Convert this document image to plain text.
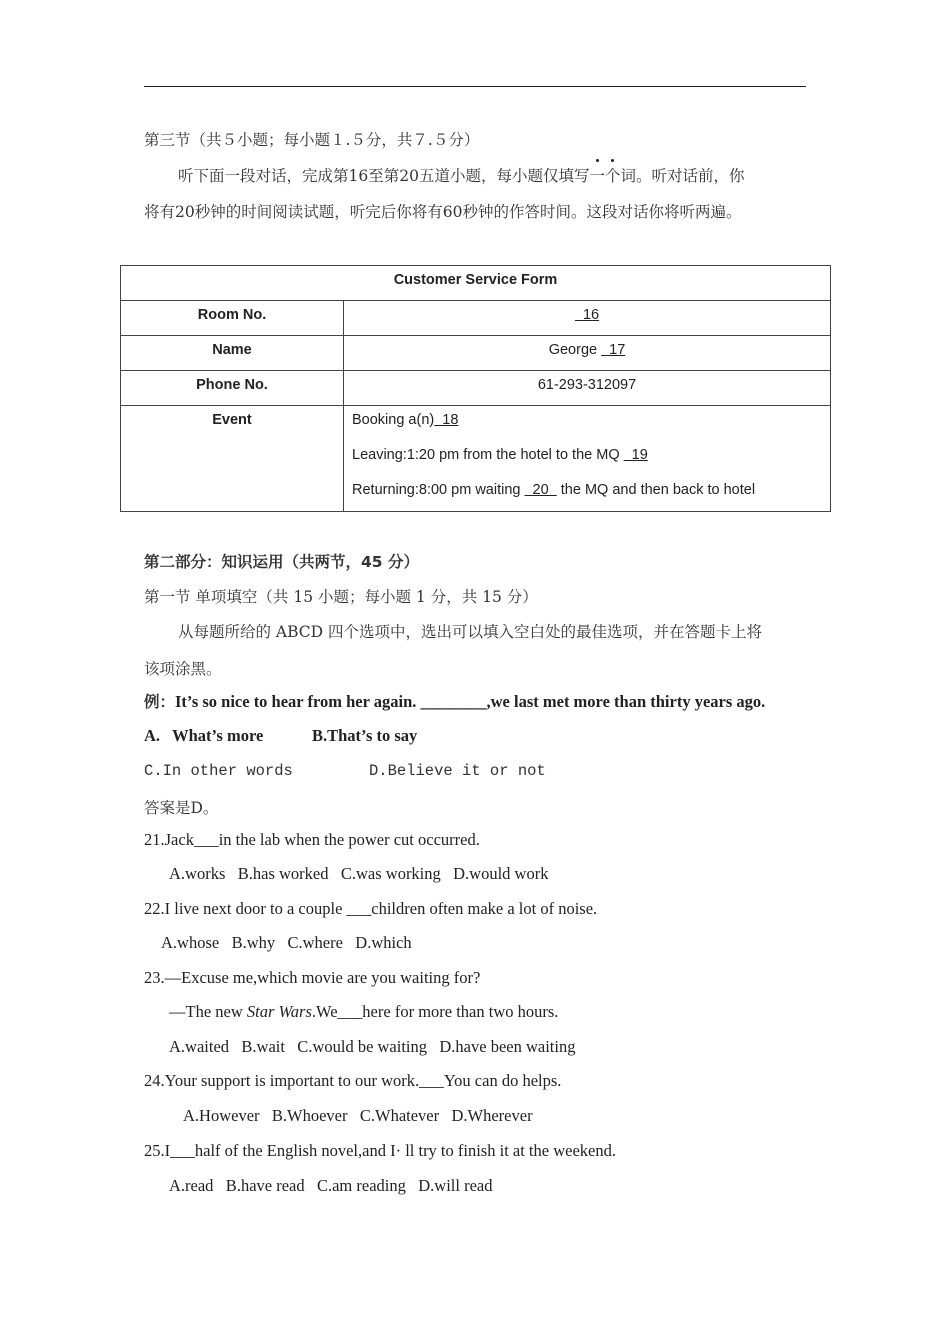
第三节（共５小题；每小题１.５分，共７.５分）
听下面一段对话，完成第16至第20五道小题，每小题仅填写一个词。听对话前，你
将有20秒钟的时间阅读试题，听完后你将有60秒钟的作答时间。这段对话你将听两遍。
Customer Service Form	
Room No.	16
Name	George   17
Phone No.	61-293-312097
Event	Booking a(n)  18
Leaving:1:20 pm from the hotel to the MQ   19
Returning:8:00 pm waiting   20   the MQ and then back to hotel
第二部分：知识运用（共两节，45 分）
第一节 单项填空（共 15 小题；每小题 1 分，共 15 分）
从每题所给的 ABCD 四个选项中，选出可以填入空白处的最佳选项，并在答题卡上将
该项涂黑。
例：It’s so nice to hear from her again. ________,we last met more than thirty years ago.
A.   What’s more	B.That’s to say
C.In other words	D.Believe it or not
答案是D。
21.Jack___in the lab when the power cut occurred.
A.works   B.has worked   C.was working   D.would work
22.I live next door to a couple ___children often make a lot of noise.
A.whose   B.why   C.where   D.which
23.—Excuse me,which movie are you waiting for?
—The new Star Wars.We___here for more than two hours.
A.waited   B.wait   C.would be waiting   D.have been waiting
24.Your support is important to our work.___You can do helps.
A.However   B.Whoever   C.Whatever   D.Wherever
25.I___half of the English novel,and I· ll try to finish it at the weekend.
A.read   B.have read   C.am reading   D.will read
